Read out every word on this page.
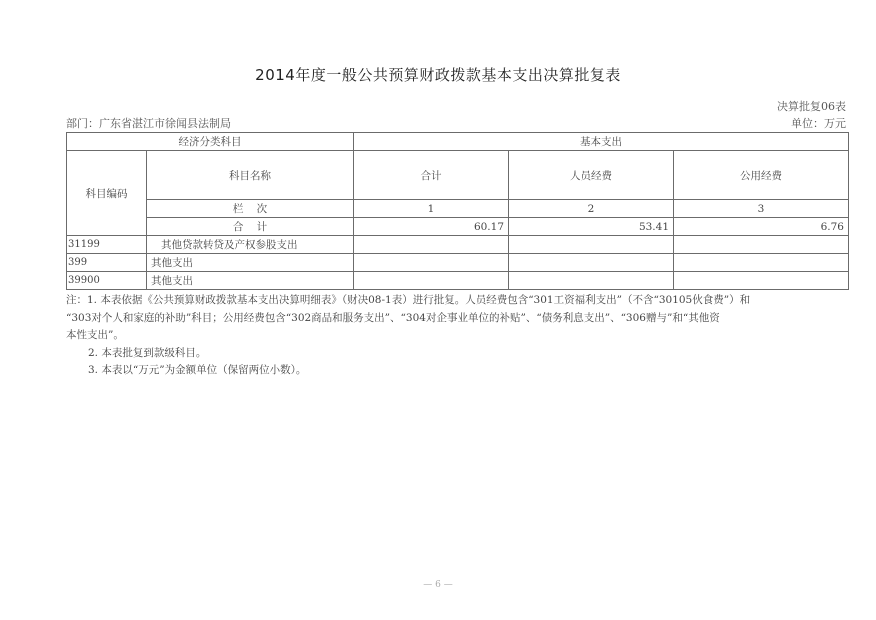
2014年度一般公共预算财政拨款基本支出决算批复表
决算批复06表
部门：广东省湛江市徐闻县法制局	单位：万元
经济分类科目		基本支出		
科目编码	科目名称	合计	人员经费	公用经费
	栏    次	1	2	3
	合    计	60.17	53.41	6.76
31199	其他贷款转贷及产权参股支出			
399	其他支出			
39900	其他支出			

注：1. 本表依据《公共预算财政拨款基本支出决算明细表》（财决08-1表）进行批复。人员经费包含“301工资福利支出”（不含“30105伙食费”）和

“303对个人和家庭的补助”科目；公用经费包含“302商品和服务支出”、“304对企事业单位的补贴”、“债务利息支出”、“306赠与”和“其他资

本性支出”。

2. 本表批复到款级科目。

3. 本表以“万元”为金额单位（保留两位小数）。

— 6 —
